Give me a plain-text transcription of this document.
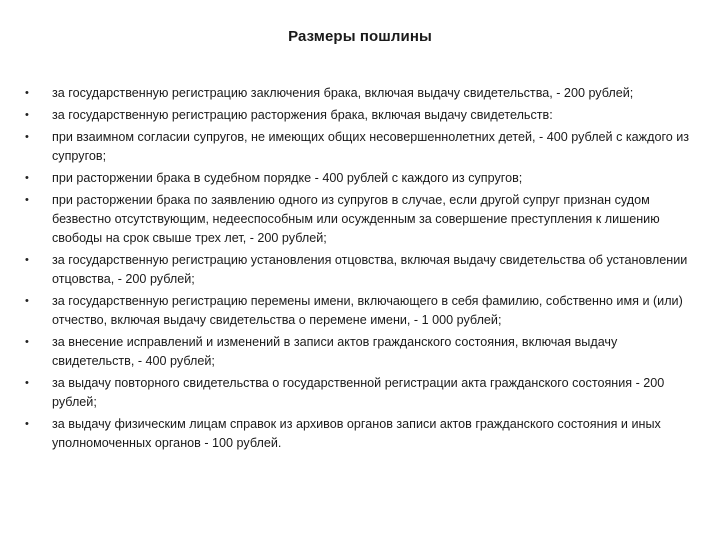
Размеры пошлины
•	за государственную регистрацию заключения брака, включая выдачу свидетельства, - 200 рублей;
•	за государственную регистрацию расторжения брака, включая выдачу свидетельств:
•	при взаимном согласии супругов, не имеющих общих несовершеннолетних детей, - 400 рублей с каждого из супругов;
•	при расторжении брака в судебном порядке - 400 рублей с каждого из супругов;
•	при расторжении брака по заявлению одного из супругов в случае, если другой супруг признан судом безвестно отсутствующим, недееспособным или осужденным за совершение преступления к лишению свободы на срок свыше трех лет, - 200 рублей;
•	за государственную регистрацию установления отцовства, включая выдачу свидетельства об установлении отцовства, - 200 рублей;
•	за государственную регистрацию перемены имени, включающего в себя фамилию, собственно имя и (или) отчество, включая выдачу свидетельства о перемене имени, - 1 000 рублей;
•	за внесение исправлений и изменений в записи актов гражданского состояния, включая выдачу свидетельств, - 400 рублей;
•	за выдачу повторного свидетельства о государственной регистрации акта гражданского состояния - 200 рублей;
•	за выдачу физическим лицам справок из архивов органов записи актов гражданского состояния и иных уполномоченных органов - 100 рублей.
